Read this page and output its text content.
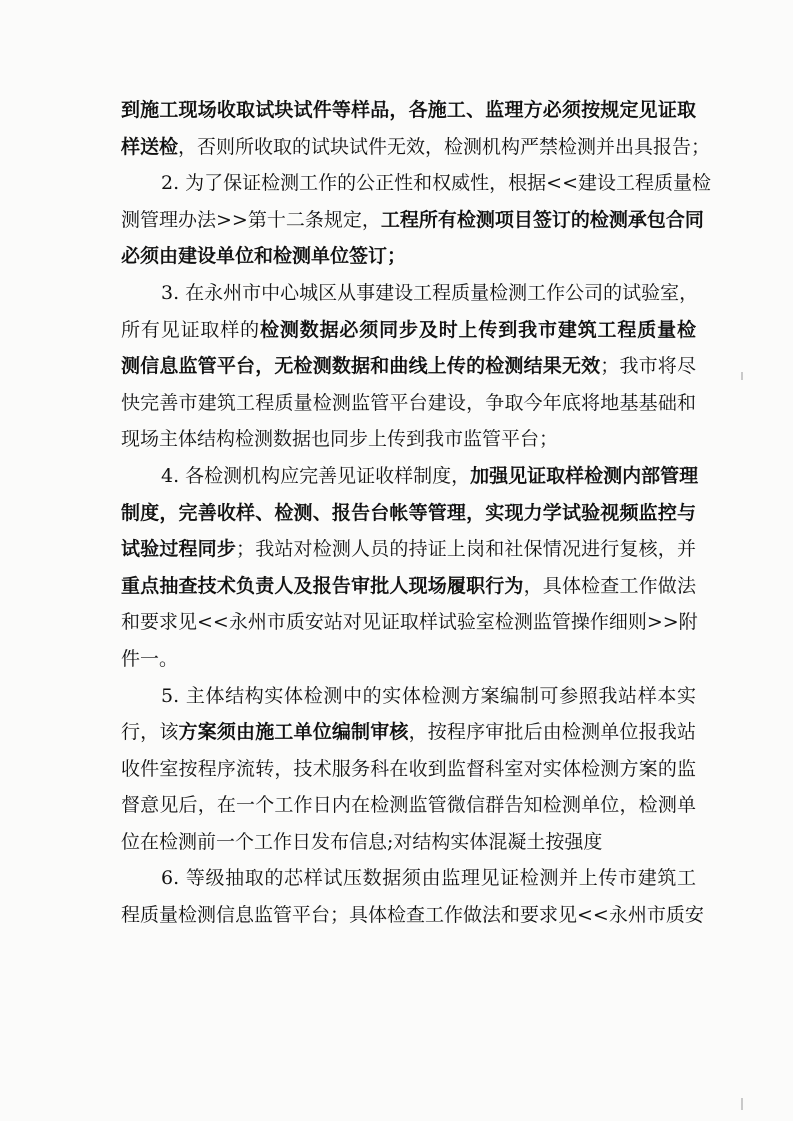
到施工现场收取试块试件等样品，各施工、监理方必须按规定见证取
样送检，否则所收取的试块试件无效，检测机构严禁检测并出具报告；
2. 为了保证检测工作的公正性和权威性，根据<<建设工程质量检
测管理办法>>第十二条规定，工程所有检测项目签订的检测承包合同
必须由建设单位和检测单位签订；
3. 在永州市中心城区从事建设工程质量检测工作公司的试验室，
所有见证取样的检测数据必须同步及时上传到我市建筑工程质量检
测信息监管平台，无检测数据和曲线上传的检测结果无效；我市将尽
快完善市建筑工程质量检测监管平台建设，争取今年底将地基基础和
现场主体结构检测数据也同步上传到我市监管平台；
4. 各检测机构应完善见证收样制度，加强见证取样检测内部管理
制度，完善收样、检测、报告台帐等管理，实现力学试验视频监控与
试验过程同步；我站对检测人员的持证上岗和社保情况进行复核，并
重点抽查技术负责人及报告审批人现场履职行为，具体检查工作做法
和要求见<<永州市质安站对见证取样试验室检测监管操作细则>>附
件一。
5. 主体结构实体检测中的实体检测方案编制可参照我站样本实
行，该方案须由施工单位编制审核，按程序审批后由检测单位报我站
收件室按程序流转，技术服务科在收到监督科室对实体检测方案的监
督意见后，在一个工作日内在检测监管微信群告知检测单位，检测单
位在检测前一个工作日发布信息;对结构实体混凝土按强度
6. 等级抽取的芯样试压数据须由监理见证检测并上传市建筑工
程质量检测信息监管平台；具体检查工作做法和要求见<<永州市质安
